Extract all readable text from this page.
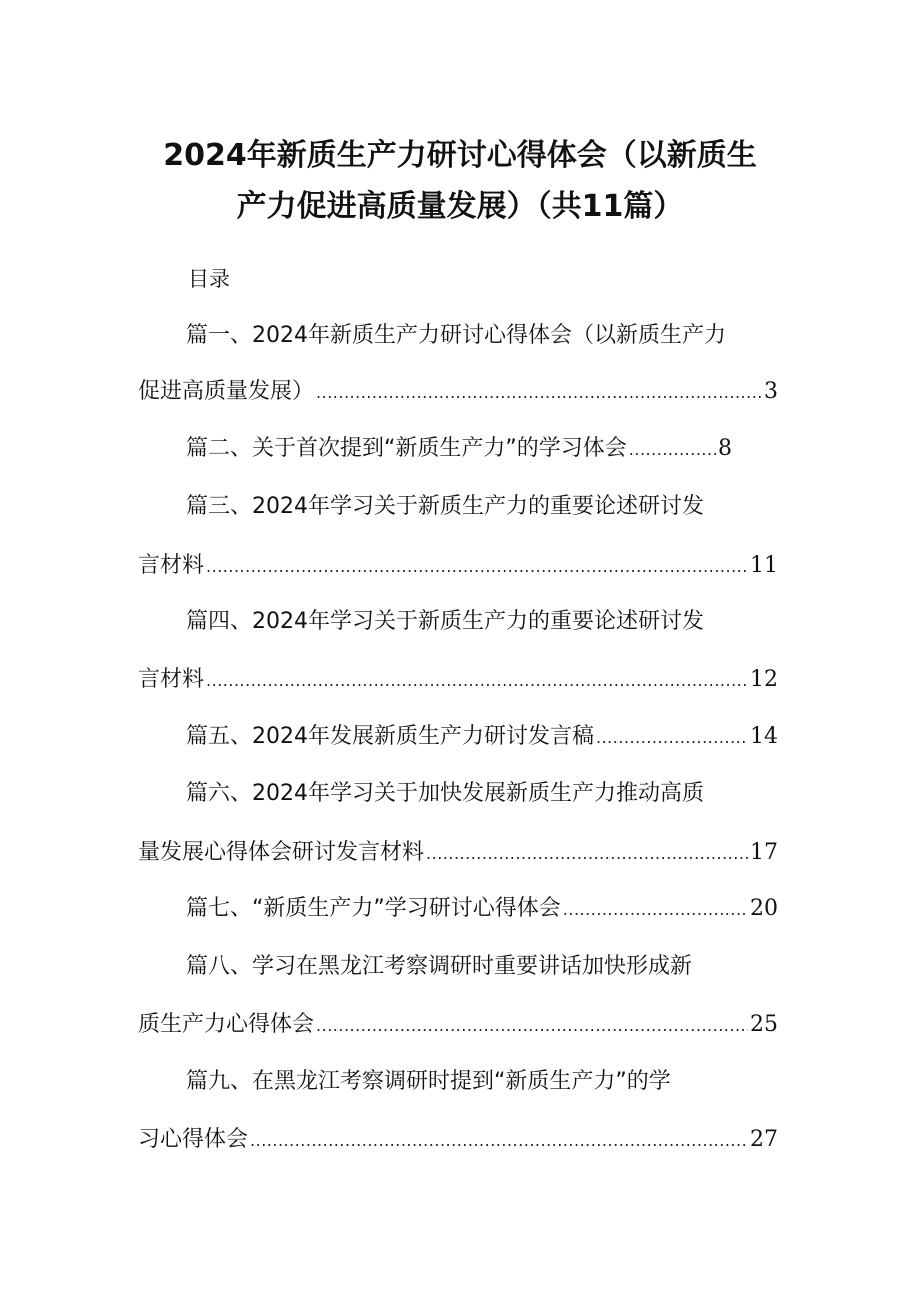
2024年新质生产力研讨心得体会（以新质生
产力促进高质量发展）（共11篇）
目录
篇一、2024年新质生产力研讨心得体会（以新质生产力
促进高质量发展） .....	3
篇二、关于首次提到“新质生产力”的学习体会 .....	8
篇三、2024年学习关于新质生产力的重要论述研讨发
言材料 .....	11
篇四、2024年学习关于新质生产力的重要论述研讨发
言材料 .....	12
篇五、2024年发展新质生产力研讨发言稿 .....	14
篇六、2024年学习关于加快发展新质生产力推动高质
量发展心得体会研讨发言材料 .....	17
篇七、“新质生产力”学习研讨心得体会 .....	20
篇八、学习在黑龙江考察调研时重要讲话加快形成新
质生产力心得体会 .....	25
篇九、在黑龙江考察调研时提到“新质生产力”的学
习心得体会 .....	27
